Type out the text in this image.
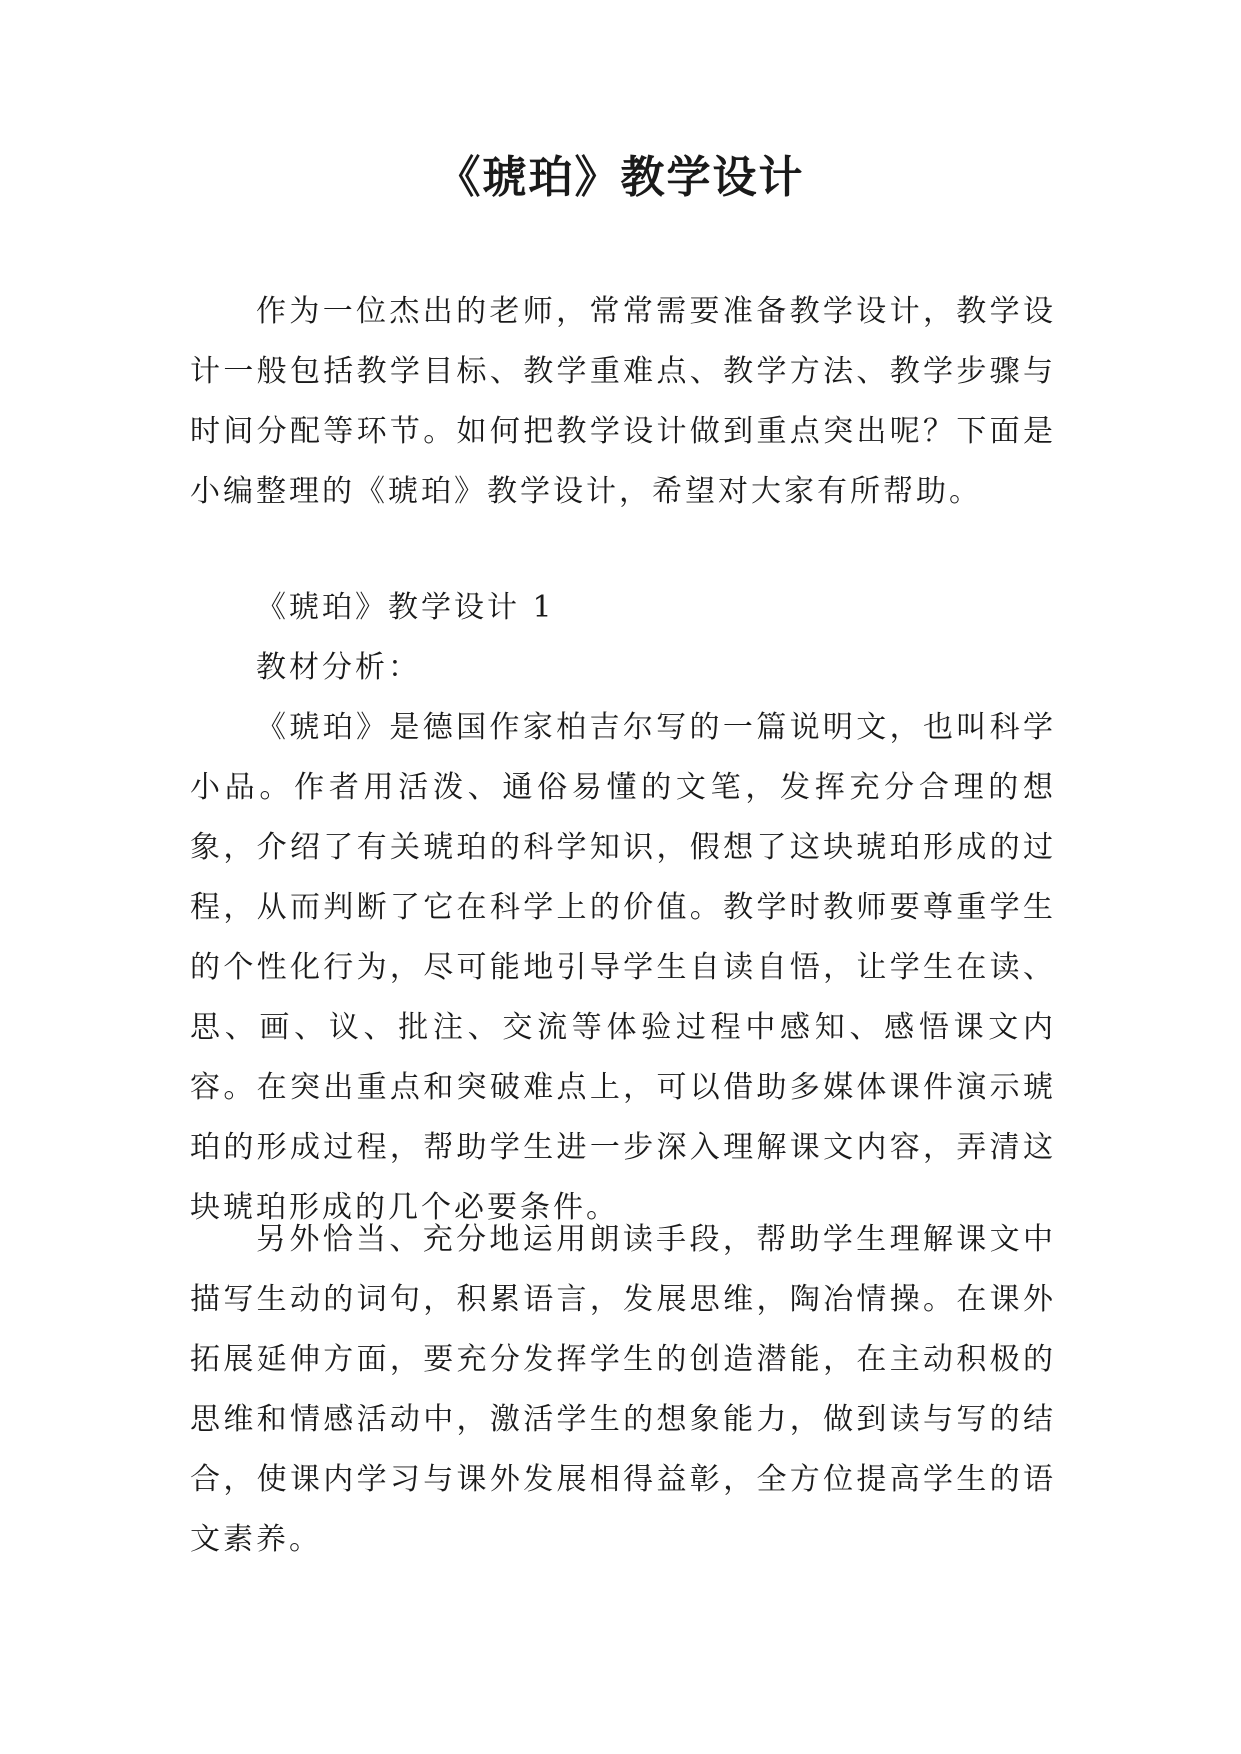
《琥珀》教学设计

作为一位杰出的老师，常常需要准备教学设计，教学设计一般包括教学目标、教学重难点、教学方法、教学步骤与时间分配等环节。如何把教学设计做到重点突出呢？下面是小编整理的《琥珀》教学设计，希望对大家有所帮助。

《琥珀》教学设计 1

教材分析：

《琥珀》是德国作家柏吉尔写的一篇说明文，也叫科学小品。作者用活泼、通俗易懂的文笔，发挥充分合理的想象，介绍了有关琥珀的科学知识，假想了这块琥珀形成的过程，从而判断了它在科学上的价值。教学时教师要尊重学生的个性化行为，尽可能地引导学生自读自悟，让学生在读、思、画、议、批注、交流等体验过程中感知、感悟课文内容。在突出重点和突破难点上，可以借助多媒体课件演示琥珀的形成过程，帮助学生进一步深入理解课文内容，弄清这块琥珀形成的几个必要条件。

另外恰当、充分地运用朗读手段，帮助学生理解课文中描写生动的词句，积累语言，发展思维，陶冶情操。在课外拓展延伸方面，要充分发挥学生的创造潜能，在主动积极的思维和情感活动中，激活学生的想象能力，做到读与写的结合，使课内学习与课外发展相得益彰，全方位提高学生的语文素养。
